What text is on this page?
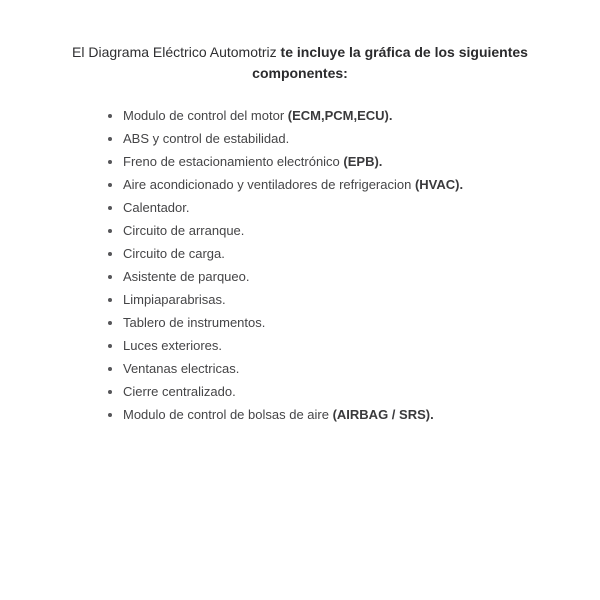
El Diagrama Eléctrico Automotriz te incluye la gráfica de los siguientes componentes:
Modulo de control del motor (ECM,PCM,ECU).
ABS y control de estabilidad.
Freno de estacionamiento electrónico (EPB).
Aire acondicionado y ventiladores de refrigeracion (HVAC).
Calentador.
Circuito de arranque.
Circuito de carga.
Asistente de parqueo.
Limpiaparabrisas.
Tablero de instrumentos.
Luces exteriores.
Ventanas electricas.
Cierre centralizado.
Modulo de control de bolsas de aire (AIRBAG / SRS).
